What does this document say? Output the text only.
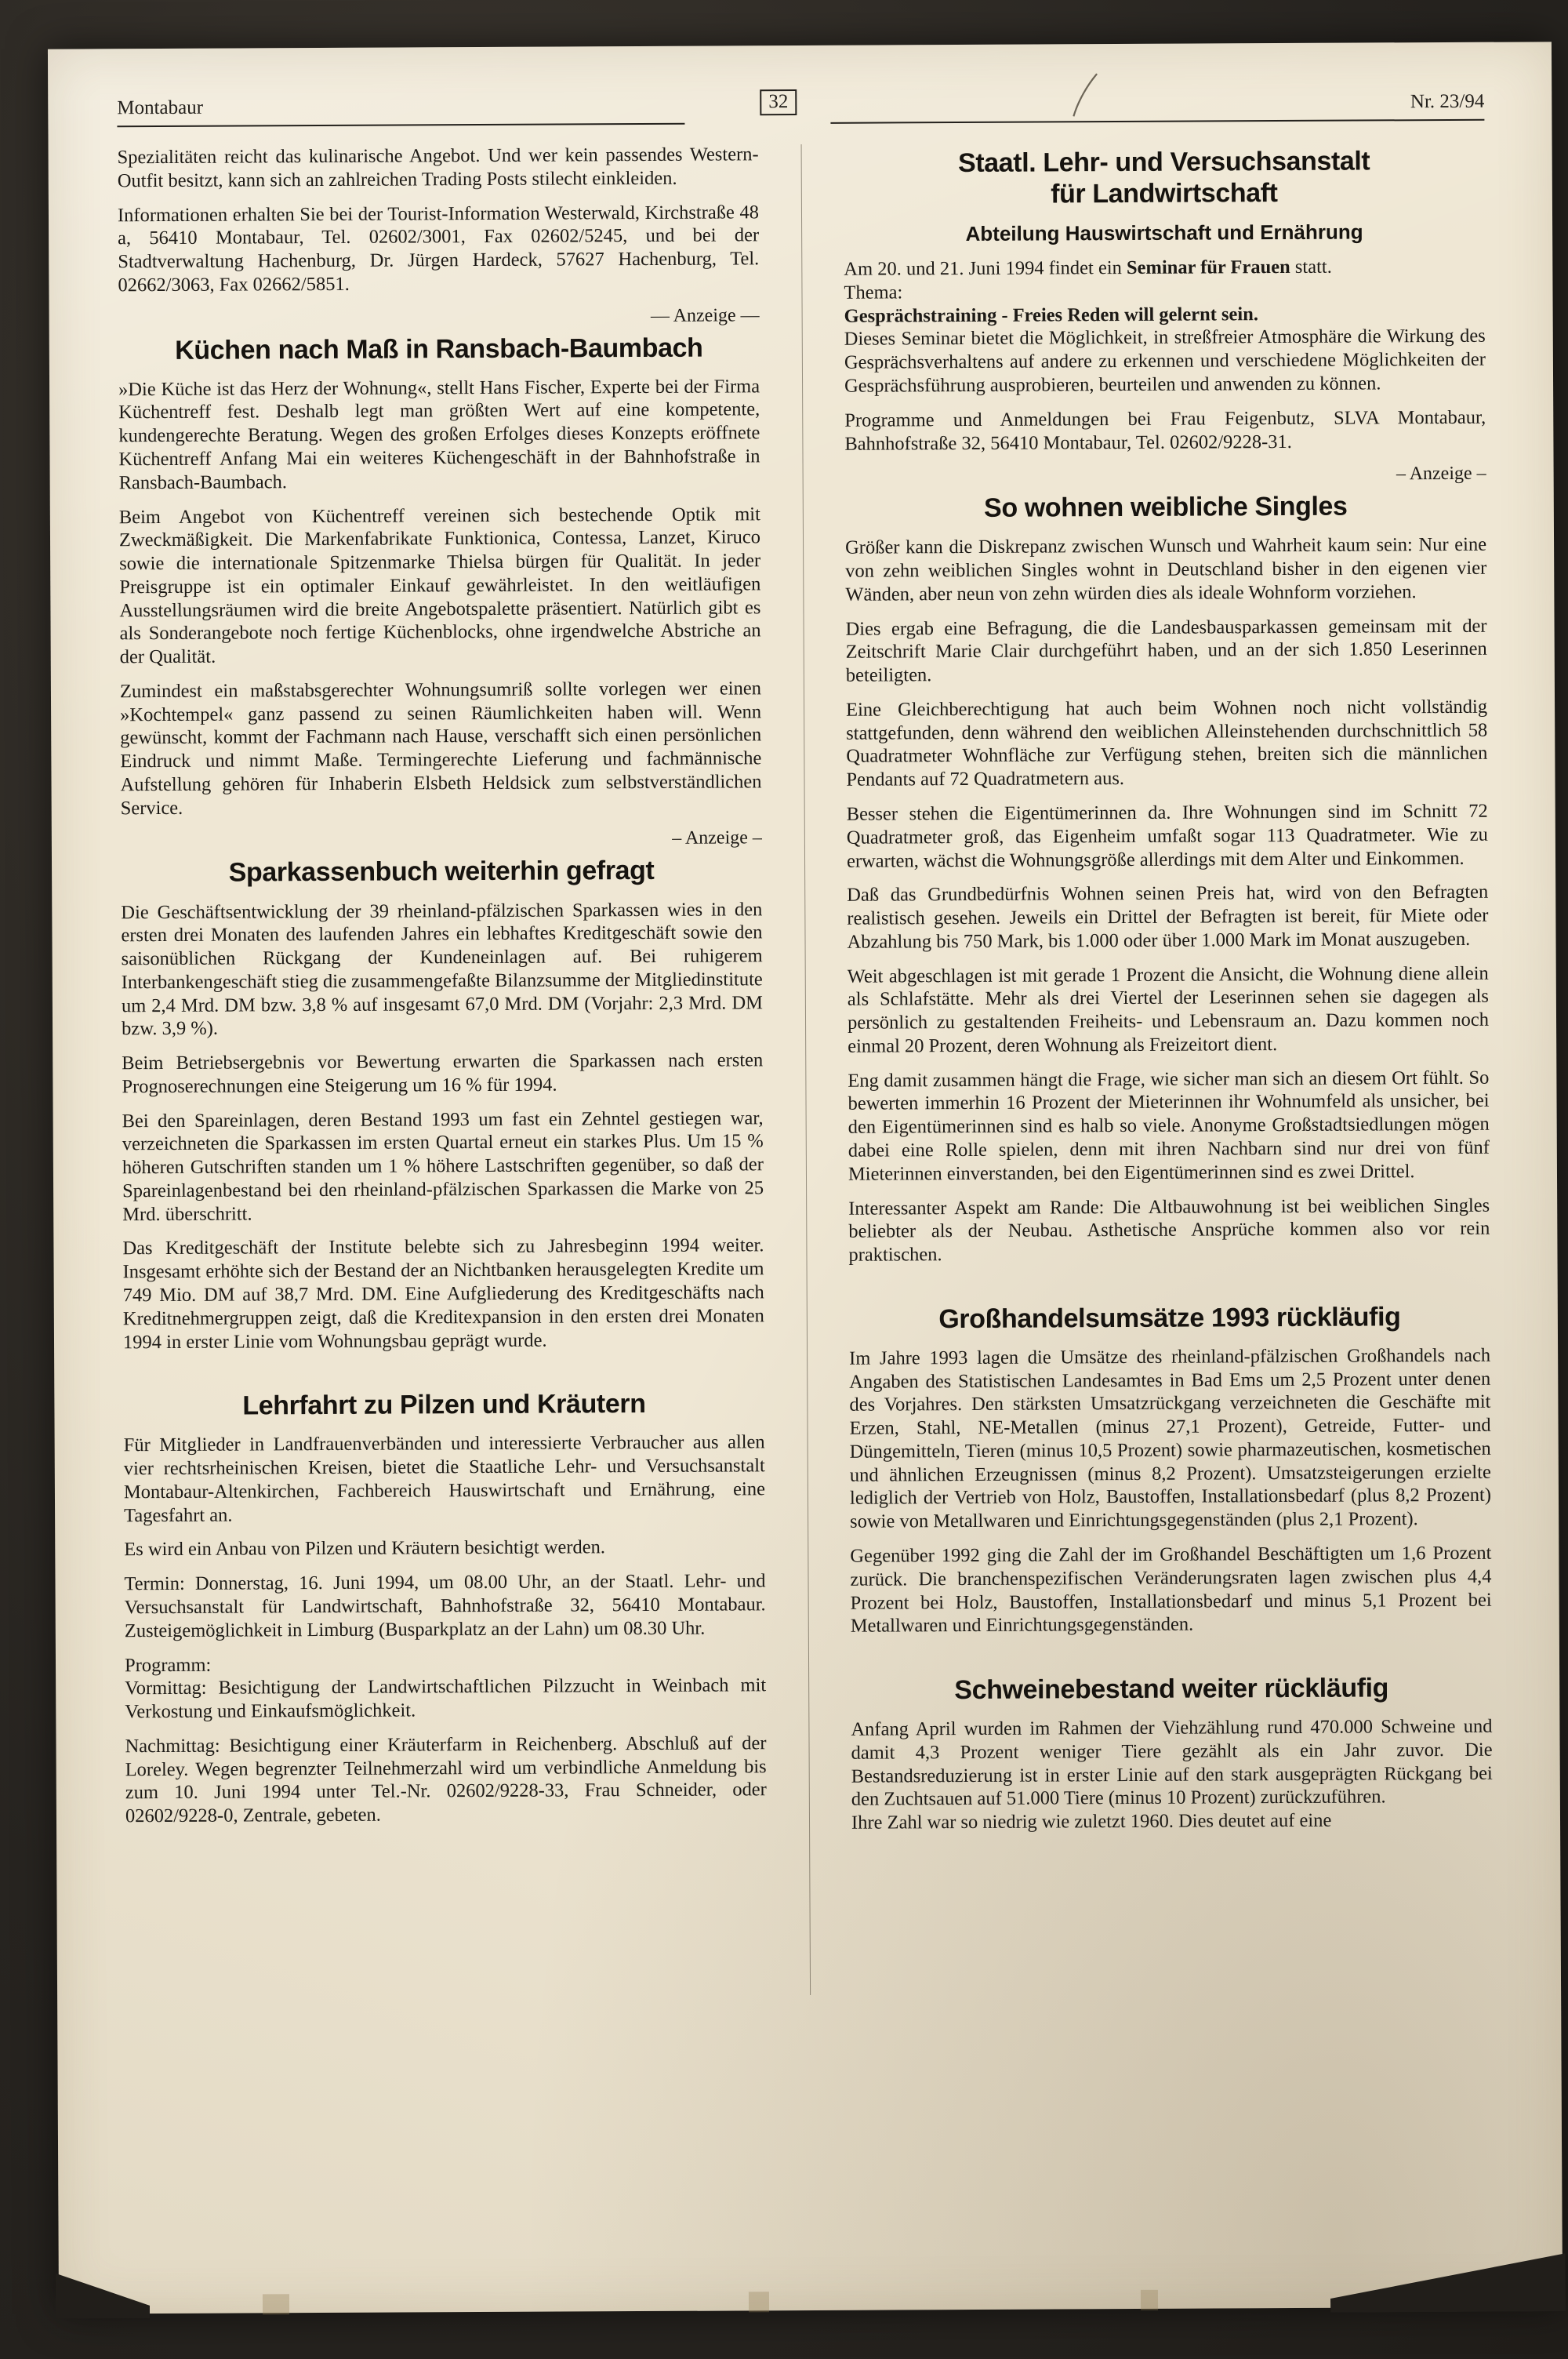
Montabaur	32	Nr. 23/94

Spezialitäten reicht das kulinarische Angebot. Und wer kein passendes Western-Outfit besitzt, kann sich an zahlreichen Trading Posts stilecht einkleiden.

Informationen erhalten Sie bei der Tourist-Information Westerwald, Kirchstraße 48 a, 56410 Montabaur, Tel. 02602/3001, Fax 02602/5245, und bei der Stadtverwaltung Hachenburg, Dr. Jürgen Hardeck, 57627 Hachenburg, Tel. 02662/3063, Fax 02662/5851.

— Anzeige —
Küchen nach Maß in Ransbach-Baumbach

»Die Küche ist das Herz der Wohnung«, stellt Hans Fischer, Experte bei der Firma Küchentreff fest. Deshalb legt man größten Wert auf eine kompetente, kundengerechte Beratung. Wegen des großen Erfolges dieses Konzepts eröffnete Küchentreff Anfang Mai ein weiteres Küchengeschäft in der Bahnhofstraße in Ransbach-Baumbach.

Beim Angebot von Küchentreff vereinen sich bestechende Optik mit Zweckmäßigkeit. Die Markenfabrikate Funktionica, Contessa, Lanzet, Kiruco sowie die internationale Spitzenmarke Thielsa bürgen für Qualität. In jeder Preisgruppe ist ein optimaler Einkauf gewährleistet. In den weitläufigen Ausstellungsräumen wird die breite Angebotspalette präsentiert. Natürlich gibt es als Sonderangebote noch fertige Küchenblocks, ohne irgendwelche Abstriche an der Qualität.

Zumindest ein maßstabsgerechter Wohnungsumriß sollte vorlegen wer einen »Kochtempel« ganz passend zu seinen Räumlichkeiten haben will. Wenn gewünscht, kommt der Fachmann nach Hause, verschafft sich einen persönlichen Eindruck und nimmt Maße. Termingerechte Lieferung und fachmännische Aufstellung gehören für Inhaberin Elsbeth Heldsick zum selbstverständlichen Service.

– Anzeige –
Sparkassenbuch weiterhin gefragt

Die Geschäftsentwicklung der 39 rheinland-pfälzischen Sparkassen wies in den ersten drei Monaten des laufenden Jahres ein lebhaftes Kreditgeschäft sowie den saisonüblichen Rückgang der Kundeneinlagen auf. Bei ruhigerem Interbankengeschäft stieg die zusammengefaßte Bilanzsumme der Mitgliedinstitute um 2,4 Mrd. DM bzw. 3,8 % auf insgesamt 67,0 Mrd. DM (Vorjahr: 2,3 Mrd. DM bzw. 3,9 %).

Beim Betriebsergebnis vor Bewertung erwarten die Sparkassen nach ersten Prognoserechnungen eine Steigerung um 16 % für 1994.

Bei den Spareinlagen, deren Bestand 1993 um fast ein Zehntel gestiegen war, verzeichneten die Sparkassen im ersten Quartal erneut ein starkes Plus. Um 15 % höheren Gutschriften standen um 1 % höhere Lastschriften gegenüber, so daß der Spareinlagenbestand bei den rheinland-pfälzischen Sparkassen die Marke von 25 Mrd. überschritt.

Das Kreditgeschäft der Institute belebte sich zu Jahresbeginn 1994 weiter. Insgesamt erhöhte sich der Bestand der an Nichtbanken herausgelegten Kredite um 749 Mio. DM auf 38,7 Mrd. DM. Eine Aufgliederung des Kreditgeschäfts nach Kreditnehmergruppen zeigt, daß die Kreditexpansion in den ersten drei Monaten 1994 in erster Linie vom Wohnungsbau geprägt wurde.

Lehrfahrt zu Pilzen und Kräutern

Für Mitglieder in Landfrauenverbänden und interessierte Verbraucher aus allen vier rechtsrheinischen Kreisen, bietet die Staatliche Lehr- und Versuchsanstalt Montabaur-Altenkirchen, Fachbereich Hauswirtschaft und Ernährung, eine Tagesfahrt an.

Es wird ein Anbau von Pilzen und Kräutern besichtigt werden.

Termin: Donnerstag, 16. Juni 1994, um 08.00 Uhr, an der Staatl. Lehr- und Versuchsanstalt für Landwirtschaft, Bahnhofstraße 32, 56410 Montabaur. Zusteigemöglichkeit in Limburg (Busparkplatz an der Lahn) um 08.30 Uhr.

Programm:

Vormittag: Besichtigung der Landwirtschaftlichen Pilzzucht in Weinbach mit Verkostung und Einkaufsmöglichkeit.

Nachmittag: Besichtigung einer Kräuterfarm in Reichenberg. Abschluß auf der Loreley. Wegen begrenzter Teilnehmerzahl wird um verbindliche Anmeldung bis zum 10. Juni 1994 unter Tel.-Nr. 02602/9228-33, Frau Schneider, oder 02602/9228-0, Zentrale, gebeten.

Staatl. Lehr- und Versuchsanstalt
für Landwirtschaft
Abteilung Hauswirtschaft und Ernährung

Am 20. und 21. Juni 1994 findet ein Seminar für Frauen statt.

Thema:

Gesprächstraining - Freies Reden will gelernt sein.

Dieses Seminar bietet die Möglichkeit, in streßfreier Atmosphäre die Wirkung des Gesprächsverhaltens auf andere zu erkennen und verschiedene Möglichkeiten der Gesprächsführung ausprobieren, beurteilen und anwenden zu können.

Programme und Anmeldungen bei Frau Feigenbutz, SLVA Montabaur, Bahnhofstraße 32, 56410 Montabaur, Tel. 02602/9228-31.

– Anzeige –
So wohnen weibliche Singles

Größer kann die Diskrepanz zwischen Wunsch und Wahrheit kaum sein: Nur eine von zehn weiblichen Singles wohnt in Deutschland bisher in den eigenen vier Wänden, aber neun von zehn würden dies als ideale Wohnform vorziehen.

Dies ergab eine Befragung, die die Landesbausparkassen gemeinsam mit der Zeitschrift Marie Clair durchgeführt haben, und an der sich 1.850 Leserinnen beteiligten.

Eine Gleichberechtigung hat auch beim Wohnen noch nicht vollständig stattgefunden, denn während den weiblichen Alleinstehenden durchschnittlich 58 Quadratmeter Wohnfläche zur Verfügung stehen, breiten sich die männlichen Pendants auf 72 Quadratmetern aus.

Besser stehen die Eigentümerinnen da. Ihre Wohnungen sind im Schnitt 72 Quadratmeter groß, das Eigenheim umfaßt sogar 113 Quadratmeter. Wie zu erwarten, wächst die Wohnungsgröße allerdings mit dem Alter und Einkommen.

Daß das Grundbedürfnis Wohnen seinen Preis hat, wird von den Befragten realistisch gesehen. Jeweils ein Drittel der Befragten ist bereit, für Miete oder Abzahlung bis 750 Mark, bis 1.000 oder über 1.000 Mark im Monat auszugeben.

Weit abgeschlagen ist mit gerade 1 Prozent die Ansicht, die Wohnung diene allein als Schlafstätte. Mehr als drei Viertel der Leserinnen sehen sie dagegen als persönlich zu gestaltenden Freiheits- und Lebensraum an. Dazu kommen noch einmal 20 Prozent, deren Wohnung als Freizeitort dient.

Eng damit zusammen hängt die Frage, wie sicher man sich an diesem Ort fühlt. So bewerten immerhin 16 Prozent der Mieterinnen ihr Wohnumfeld als unsicher, bei den Eigentümerinnen sind es halb so viele. Anonyme Großstadtsiedlungen mögen dabei eine Rolle spielen, denn mit ihren Nachbarn sind nur drei von fünf Mieterinnen einverstanden, bei den Eigentümerinnen sind es zwei Drittel.

Interessanter Aspekt am Rande: Die Altbauwohnung ist bei weiblichen Singles beliebter als der Neubau. Asthetische Ansprüche kommen also vor rein praktischen.

Großhandelsumsätze 1993 rückläufig

Im Jahre 1993 lagen die Umsätze des rheinland-pfälzischen Großhandels nach Angaben des Statistischen Landesamtes in Bad Ems um 2,5 Prozent unter denen des Vorjahres. Den stärksten Umsatzrückgang verzeichneten die Geschäfte mit Erzen, Stahl, NE-Metallen (minus 27,1 Prozent), Getreide, Futter- und Düngemitteln, Tieren (minus 10,5 Prozent) sowie pharmazeutischen, kosmetischen und ähnlichen Erzeugnissen (minus 8,2 Prozent). Umsatzsteigerungen erzielte lediglich der Vertrieb von Holz, Baustoffen, Installationsbedarf (plus 8,2 Prozent) sowie von Metallwaren und Einrichtungsgegenständen (plus 2,1 Prozent).

Gegenüber 1992 ging die Zahl der im Großhandel Beschäftigten um 1,6 Prozent zurück. Die branchenspezifischen Veränderungsraten lagen zwischen plus 4,4 Prozent bei Holz, Baustoffen, Installationsbedarf und minus 5,1 Prozent bei Metallwaren und Einrichtungsgegenständen.

Schweinebestand weiter rückläufig

Anfang April wurden im Rahmen der Viehzählung rund 470.000 Schweine und damit 4,3 Prozent weniger Tiere gezählt als ein Jahr zuvor. Die Bestandsreduzierung ist in erster Linie auf den stark ausgeprägten Rückgang bei den Zuchtsauen auf 51.000 Tiere (minus 10 Prozent) zurückzuführen.

Ihre Zahl war so niedrig wie zuletzt 1960. Dies deutet auf eine
